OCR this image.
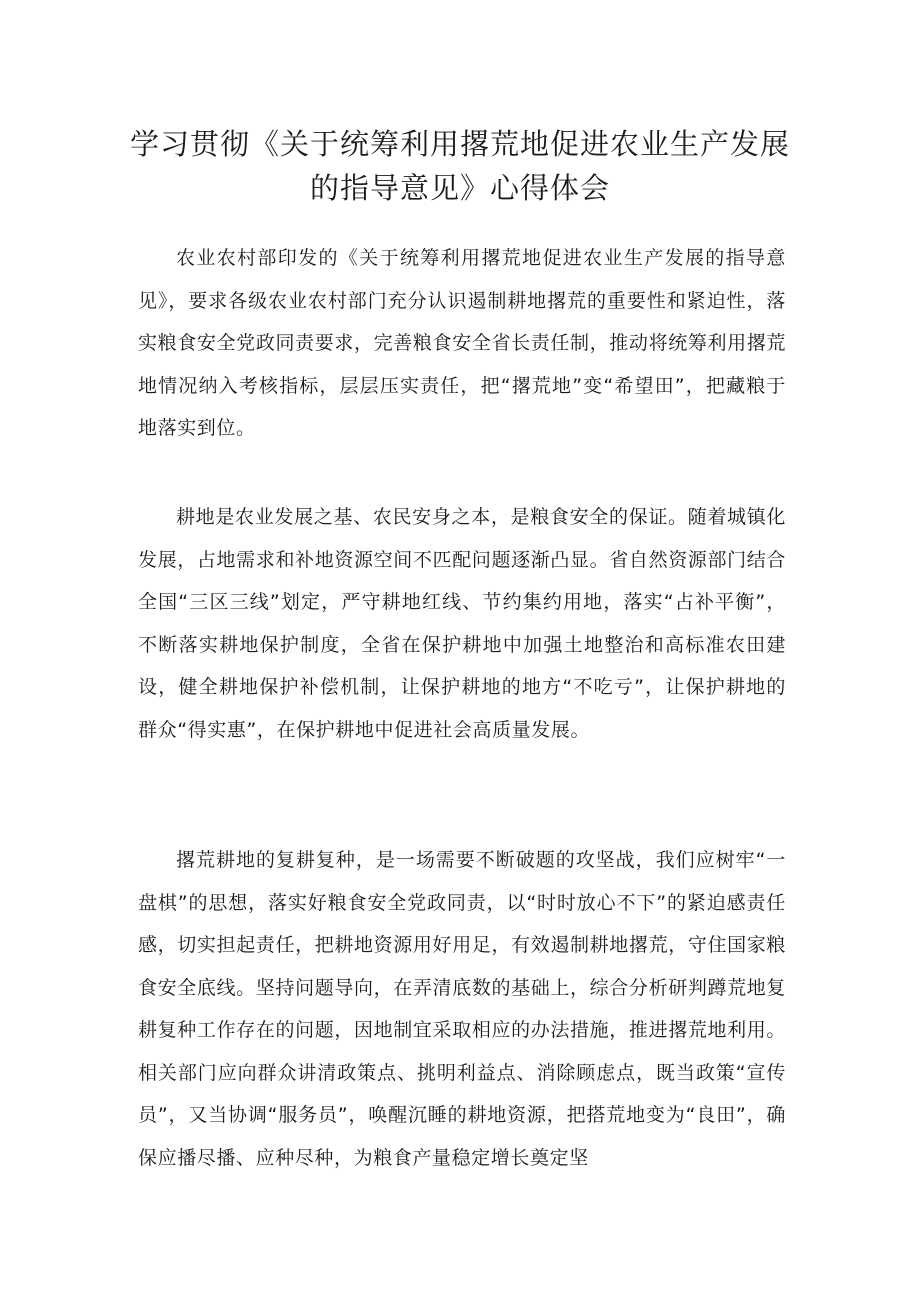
学习贯彻《关于统筹利用撂荒地促进农业生产发展的指导意见》心得体会

农业农村部印发的《关于统筹利用撂荒地促进农业生产发展的指导意见》，要求各级农业农村部门充分认识遏制耕地撂荒的重要性和紧迫性，落实粮食安全党政同责要求，完善粮食安全省长责任制，推动将统筹利用撂荒地情况纳入考核指标，层层压实责任，把“撂荒地”变“希望田”，把藏粮于地落实到位。

耕地是农业发展之基、农民安身之本，是粮食安全的保证。随着城镇化发展，占地需求和补地资源空间不匹配问题逐渐凸显。省自然资源部门结合全国“三区三线”划定，严守耕地红线、节约集约用地，落实“占补平衡”，不断落实耕地保护制度，全省在保护耕地中加强土地整治和高标准农田建设，健全耕地保护补偿机制，让保护耕地的地方“不吃亏”，让保护耕地的群众“得实惠”，在保护耕地中促进社会高质量发展。

撂荒耕地的复耕复种，是一场需要不断破题的攻坚战，我们应树牢“一盘棋”的思想，落实好粮食安全党政同责，以“时时放心不下”的紧迫感责任感，切实担起责任，把耕地资源用好用足，有效遏制耕地撂荒，守住国家粮食安全底线。坚持问题导向，在弄清底数的基础上，综合分析研判蹲荒地复耕复种工作存在的问题，因地制宜采取相应的办法措施，推进撂荒地利用。相关部门应向群众讲清政策点、挑明利益点、消除顾虑点，既当政策“宣传员”，又当协调“服务员”，唤醒沉睡的耕地资源，把搭荒地变为“良田”，确保应播尽播、应种尽种，为粮食产量稳定增长奠定坚
